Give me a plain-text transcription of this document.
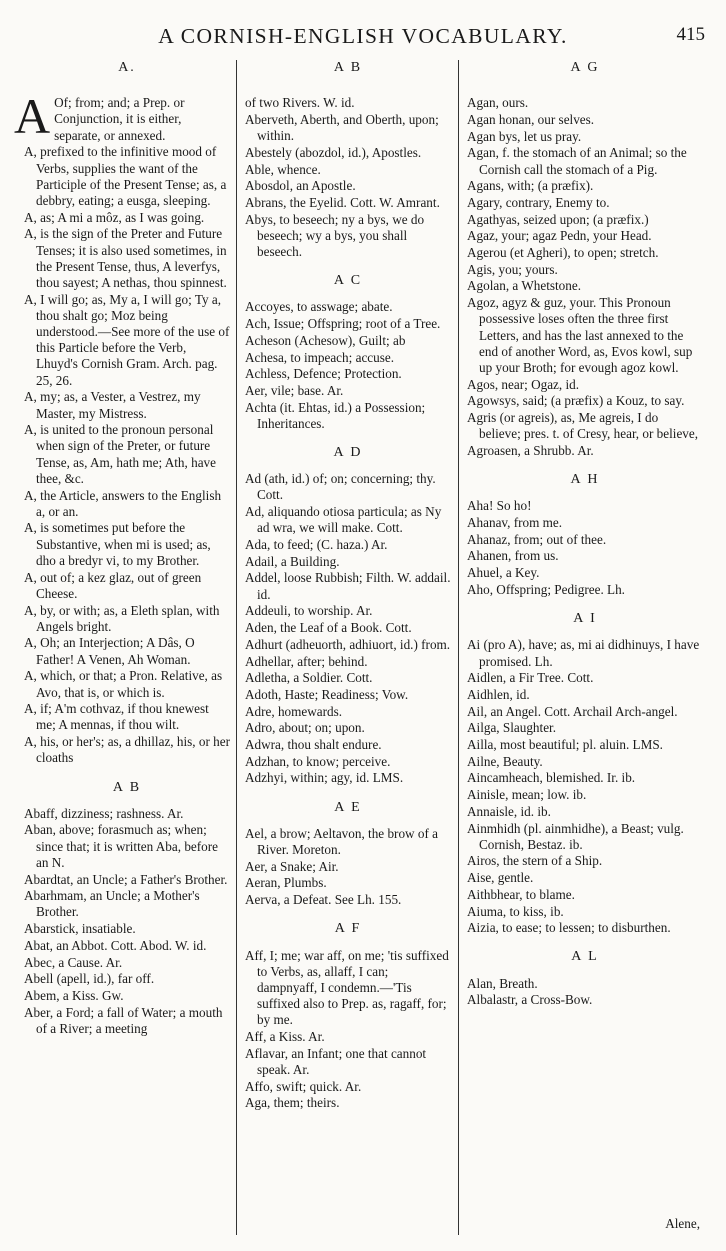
A CORNISH-ENGLISH VOCABULARY.	415
A.
A Of; from; and; a Prep. or Conjunction, it is either, separate, or annexed.
A, prefixed to the infinitive mood of Verbs, supplies the want of the Participle of the Present Tense; as, a debbry, eating; a eusga, sleeping.
A, as; A mi a môz, as I was going.
A, is the sign of the Preter and Future Tenses; it is also used sometimes, in the Present Tense, thus, A leverfys, thou sayest; A nethas, thou spinnest.
A, I will go; as, My a, I will go; Ty a, thou shalt go; Moz being understood.—See more of the use of this Particle before the Verb, Lhuyd's Cornish Gram. Arch. pag. 25, 26.
A, my; as, a Vester, a Vestrez, my Master, my Mistress.
A, is united to the pronoun personal when sign of the Preter, or future Tense, as, Am, hath me; Ath, have thee, &c.
A, the Article, answers to the English a, or an.
A, is sometimes put before the Substantive, when mi is used; as, dho a bredyr vi, to my Brother.
A, out of; a kez glaz, out of green Cheese.
A, by, or with; as, a Eleth splan, with Angels bright.
A, Oh; an Interjection; A Dâs, O Father! A Venen, Ah Woman.
A, which, or that; a Pron. Relative, as Avo, that is, or which is.
A, if; A'm cothvaz, if thou knewest me; A mennas, if thou wilt.
A, his, or her's; as, a dhillaz, his, or her cloaths
A B
Abaff, dizziness; rashness. Ar.
Aban, above; forasmuch as; when; since that; it is written Aba, before an N.
Abardtat, an Uncle; a Father's Brother.
Abarhmam, an Uncle; a Mother's Brother.
Abarstick, insatiable.
Abat, an Abbot. Cott. Abod. W. id.
Abec, a Cause. Ar.
Abell (apell, id.), far off.
Abem, a Kiss. Gw.
Aber, a Ford; a fall of Water; a mouth of a River; a meeting
A B
of two Rivers. W. id.
Aberveth, Aberth, and Oberth, upon; within.
Abestely (abozdol, id.), Apostles.
Able, whence.
Abosdol, an Apostle.
Abrans, the Eyelid. Cott. W. Amrant.
Abys, to beseech; ny a bys, we do beseech; wy a bys, you shall beseech.
A C
Accoyes, to asswage; abate.
Ach, Issue; Offspring; root of a Tree.
Acheson (Achesow), Guilt; ab
Achesa, to impeach; accuse.
Achless, Defence; Protection.
Aer, vile; base. Ar.
Achta (it. Ehtas, id.) a Possession; Inheritances.
A D
Ad (ath, id.) of; on; concerning; thy. Cott.
Ad, aliquando otiosa particula; as Ny ad wra, we will make. Cott.
Ada, to feed; (C. haza.) Ar.
Adail, a Building.
Addel, loose Rubbish; Filth. W. addail. id.
Addeuli, to worship. Ar.
Aden, the Leaf of a Book. Cott.
Adhurt (adheuorth, adhiuort, id.) from.
Adhellar, after; behind.
Adletha, a Soldier. Cott.
Adoth, Haste; Readiness; Vow.
Adre, homewards.
Adro, about; on; upon.
Adwra, thou shalt endure.
Adzhan, to know; perceive.
Adzhyi, within; agy, id. LMS.
A E
Ael, a brow; Aeltavon, the brow of a River. Moreton.
Aer, a Snake; Air.
Aeran, Plumbs.
Aerva, a Defeat. See Lh. 155.
A F
Aff, I; me; war aff, on me; 'tis suffixed to Verbs, as, allaff, I can; dampnyaff, I condemn.—'Tis suffixed also to Prep. as, ragaff, for; by me.
Aff, a Kiss. Ar.
Aflavar, an Infant; one that cannot speak. Ar.
Affo, swift; quick. Ar.
Aga, them; theirs.
A G
Agan, ours.
Agan honan, our selves.
Agan bys, let us pray.
Agan, f. the stomach of an Animal; so the Cornish call the stomach of a Pig.
Agans, with; (a præfix).
Agary, contrary, Enemy to.
Agathyas, seized upon; (a præfix.)
Agaz, your; agaz Pedn, your Head.
Agerou (et Agheri), to open; stretch.
Agis, you; yours.
Agolan, a Whetstone.
Agoz, agyz & guz, your. This Pronoun possessive loses often the three first Letters, and has the last annexed to the end of another Word, as, Evos kowl, sup up your Broth; for evough agoz kowl.
Agos, near; Ogaz, id.
Agowsys, said; (a præfix) a Kouz, to say.
Agris (or agreis), as, Me agreis, I do believe; pres. t. of Cresy, hear, or believe,
Agroasen, a Shrubb. Ar.
A H
Aha! So ho!
Ahanav, from me.
Ahanaz, from; out of thee.
Ahanen, from us.
Ahuel, a Key.
Aho, Offspring; Pedigree. Lh.
A I
Ai (pro A), have; as, mi ai didhinuys, I have promised. Lh.
Aidlen, a Fir Tree. Cott.
Aidhlen, id.
Ail, an Angel. Cott. Archail Arch-angel.
Ailga, Slaughter.
Ailla, most beautiful; pl. aluin. LMS.
Ailne, Beauty.
Aincamheach, blemished. Ir. ib.
Ainisle, mean; low. ib.
Annaisle, id. ib.
Ainmhidh (pl. ainmhidhe), a Beast; vulg. Cornish, Bestaz. ib.
Airos, the stern of a Ship.
Aise, gentle.
Aithbhear, to blame.
Aiuma, to kiss, ib.
Aizia, to ease; to lessen; to disburthen.
A L
Alan, Breath.
Albalastr, a Cross-Bow.
Alene,
